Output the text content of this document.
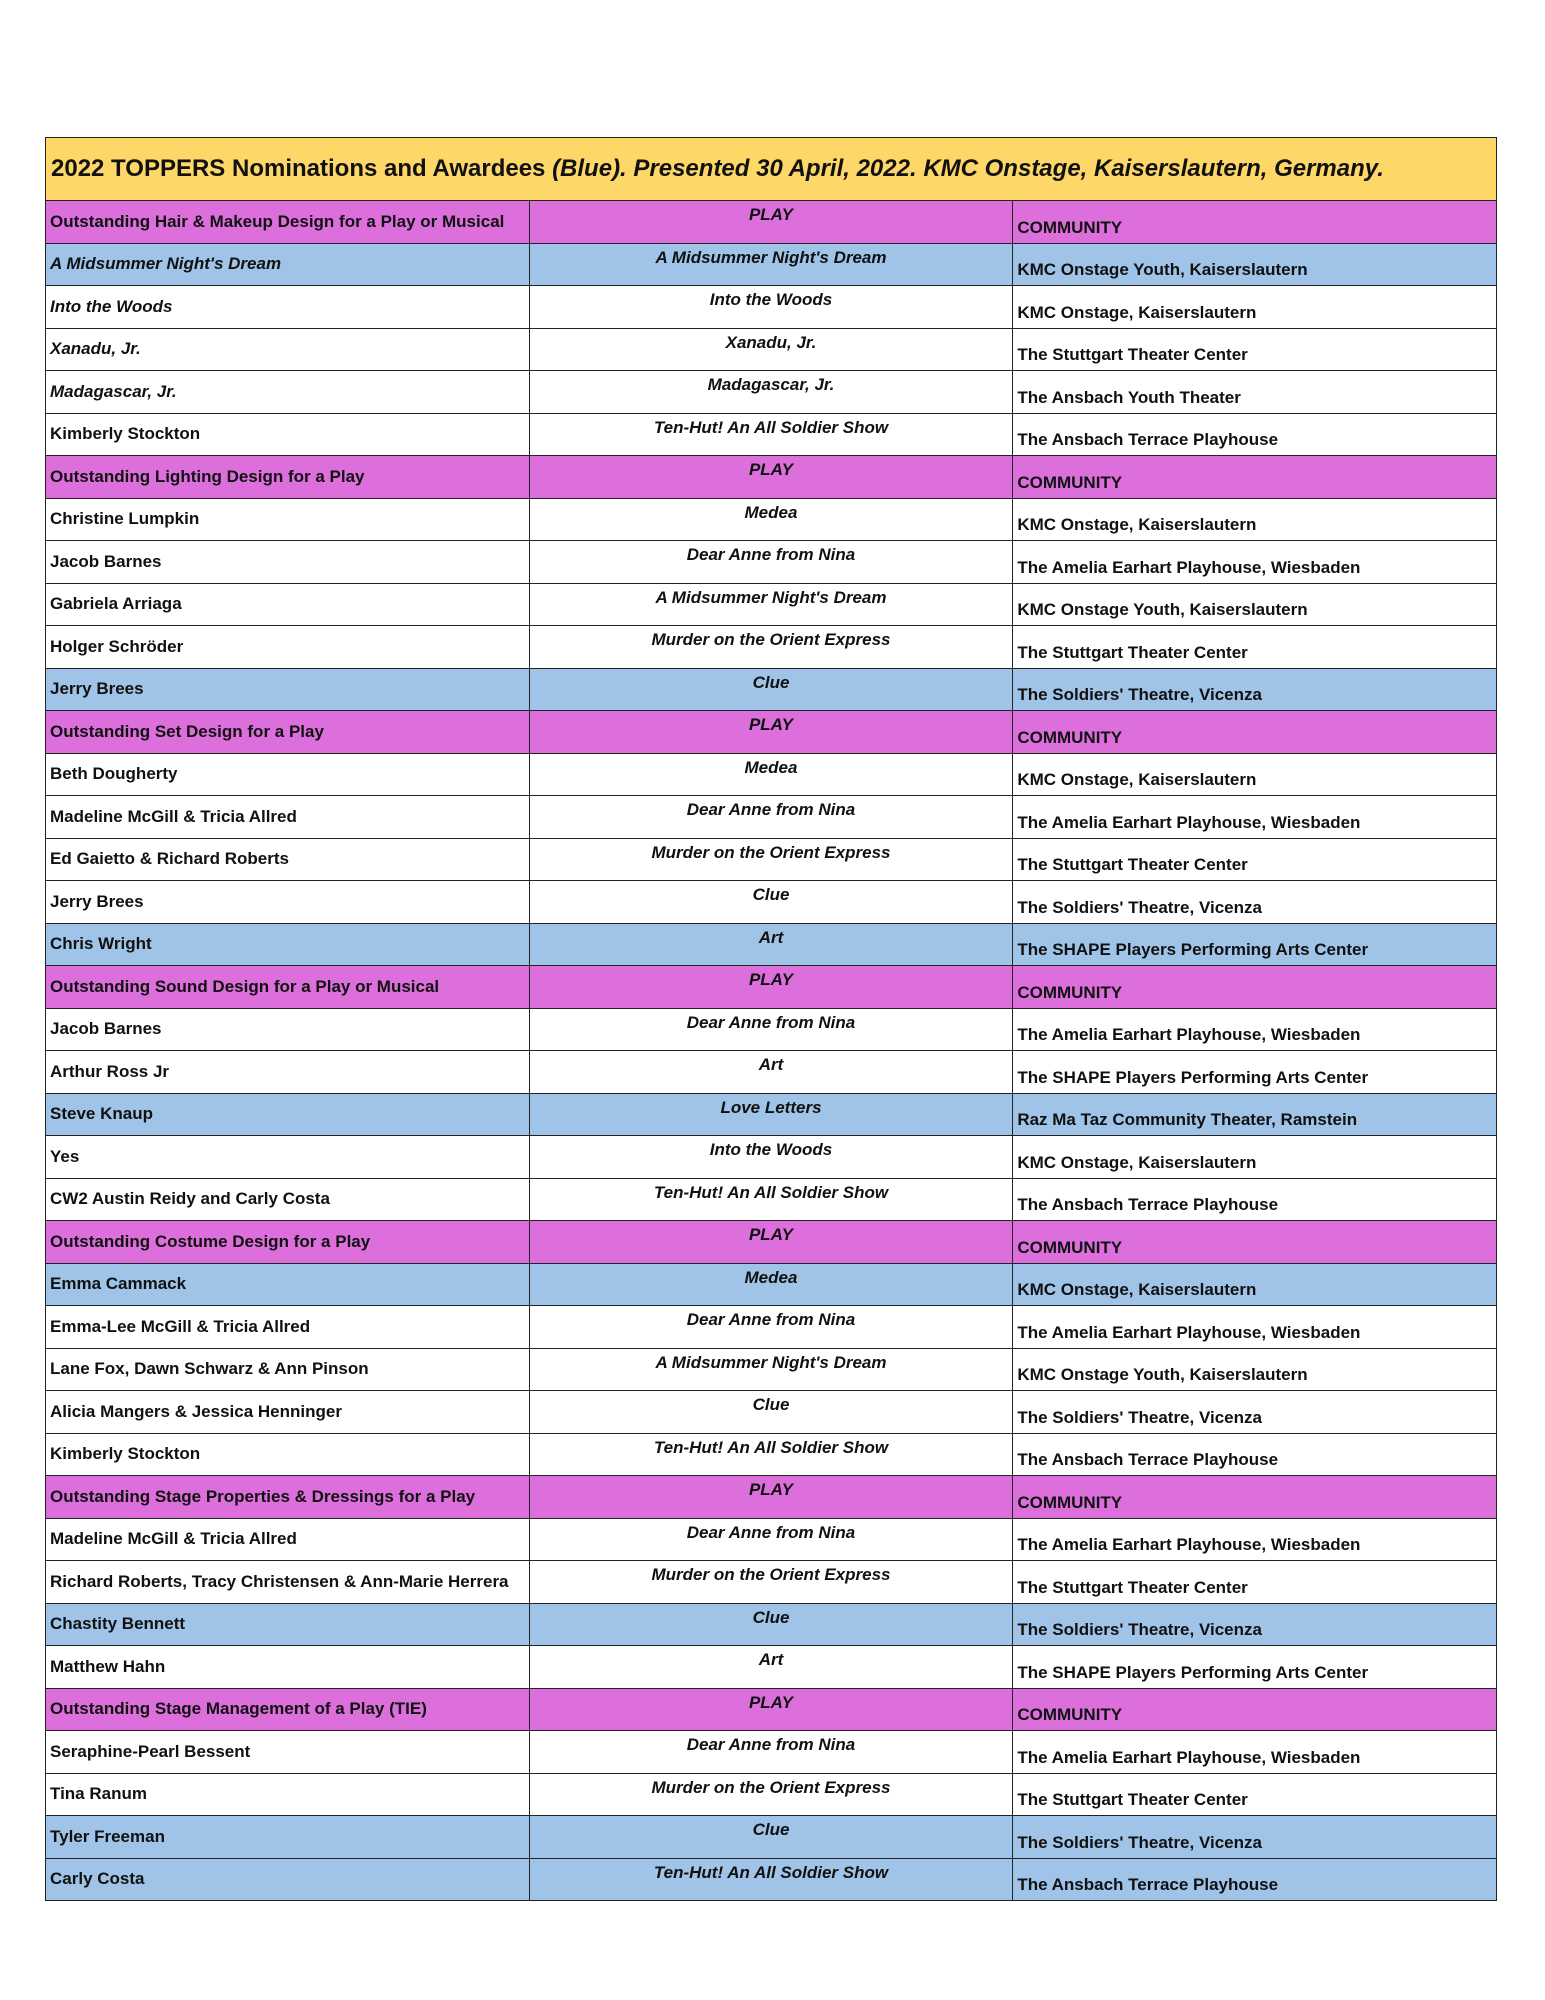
2022 TOPPERS Nominations and Awardees (Blue). Presented 30 April, 2022. KMC Onstage, Kaiserslautern, Germany.		
Outstanding Hair & Makeup Design for a Play or Musical	PLAY	COMMUNITY
A Midsummer Night's Dream	A Midsummer Night's Dream	KMC Onstage Youth, Kaiserslautern
Into the Woods	Into the Woods	KMC Onstage, Kaiserslautern
Xanadu, Jr.	Xanadu, Jr.	The Stuttgart Theater Center
Madagascar, Jr.	Madagascar, Jr.	The Ansbach Youth Theater
Kimberly Stockton	Ten-Hut! An All Soldier Show	The Ansbach Terrace Playhouse
Outstanding Lighting Design for a Play	PLAY	COMMUNITY
Christine Lumpkin	Medea	KMC Onstage, Kaiserslautern
Jacob Barnes	Dear Anne from Nina	The Amelia Earhart Playhouse, Wiesbaden
Gabriela Arriaga	A Midsummer Night's Dream	KMC Onstage Youth, Kaiserslautern
Holger Schröder	Murder on the Orient Express	The Stuttgart Theater Center
Jerry Brees	Clue	The Soldiers' Theatre, Vicenza
Outstanding Set Design for a Play	PLAY	COMMUNITY
Beth Dougherty	Medea	KMC Onstage, Kaiserslautern
Madeline McGill & Tricia Allred	Dear Anne from Nina	The Amelia Earhart Playhouse, Wiesbaden
Ed Gaietto & Richard Roberts	Murder on the Orient Express	The Stuttgart Theater Center
Jerry Brees	Clue	The Soldiers' Theatre, Vicenza
Chris Wright	Art	The SHAPE Players Performing Arts Center
Outstanding Sound Design for a Play or Musical	PLAY	COMMUNITY
Jacob Barnes	Dear Anne from Nina	The Amelia Earhart Playhouse, Wiesbaden
Arthur Ross Jr	Art	The SHAPE Players Performing Arts Center
Steve Knaup	Love Letters	Raz Ma Taz Community Theater, Ramstein
Yes	Into the Woods	KMC Onstage, Kaiserslautern
CW2 Austin Reidy and Carly Costa	Ten-Hut! An All Soldier Show	The Ansbach Terrace Playhouse
Outstanding Costume Design for a Play	PLAY	COMMUNITY
Emma Cammack	Medea	KMC Onstage, Kaiserslautern
Emma-Lee McGill & Tricia Allred	Dear Anne from Nina	The Amelia Earhart Playhouse, Wiesbaden
Lane Fox, Dawn Schwarz & Ann Pinson	A Midsummer Night's Dream	KMC Onstage Youth, Kaiserslautern
Alicia Mangers & Jessica Henninger	Clue	The Soldiers' Theatre, Vicenza
Kimberly Stockton	Ten-Hut! An All Soldier Show	The Ansbach Terrace Playhouse
Outstanding Stage Properties & Dressings for a Play	PLAY	COMMUNITY
Madeline McGill & Tricia Allred	Dear Anne from Nina	The Amelia Earhart Playhouse, Wiesbaden
Richard Roberts, Tracy Christensen & Ann-Marie Herrera	Murder on the Orient Express	The Stuttgart Theater Center
Chastity Bennett	Clue	The Soldiers' Theatre, Vicenza
Matthew Hahn	Art	The SHAPE Players Performing Arts Center
Outstanding Stage Management of a Play (TIE)	PLAY	COMMUNITY
Seraphine-Pearl Bessent	Dear Anne from Nina	The Amelia Earhart Playhouse, Wiesbaden
Tina Ranum	Murder on the Orient Express	The Stuttgart Theater Center
Tyler Freeman	Clue	The Soldiers' Theatre, Vicenza
Carly Costa	Ten-Hut! An All Soldier Show	The Ansbach Terrace Playhouse
